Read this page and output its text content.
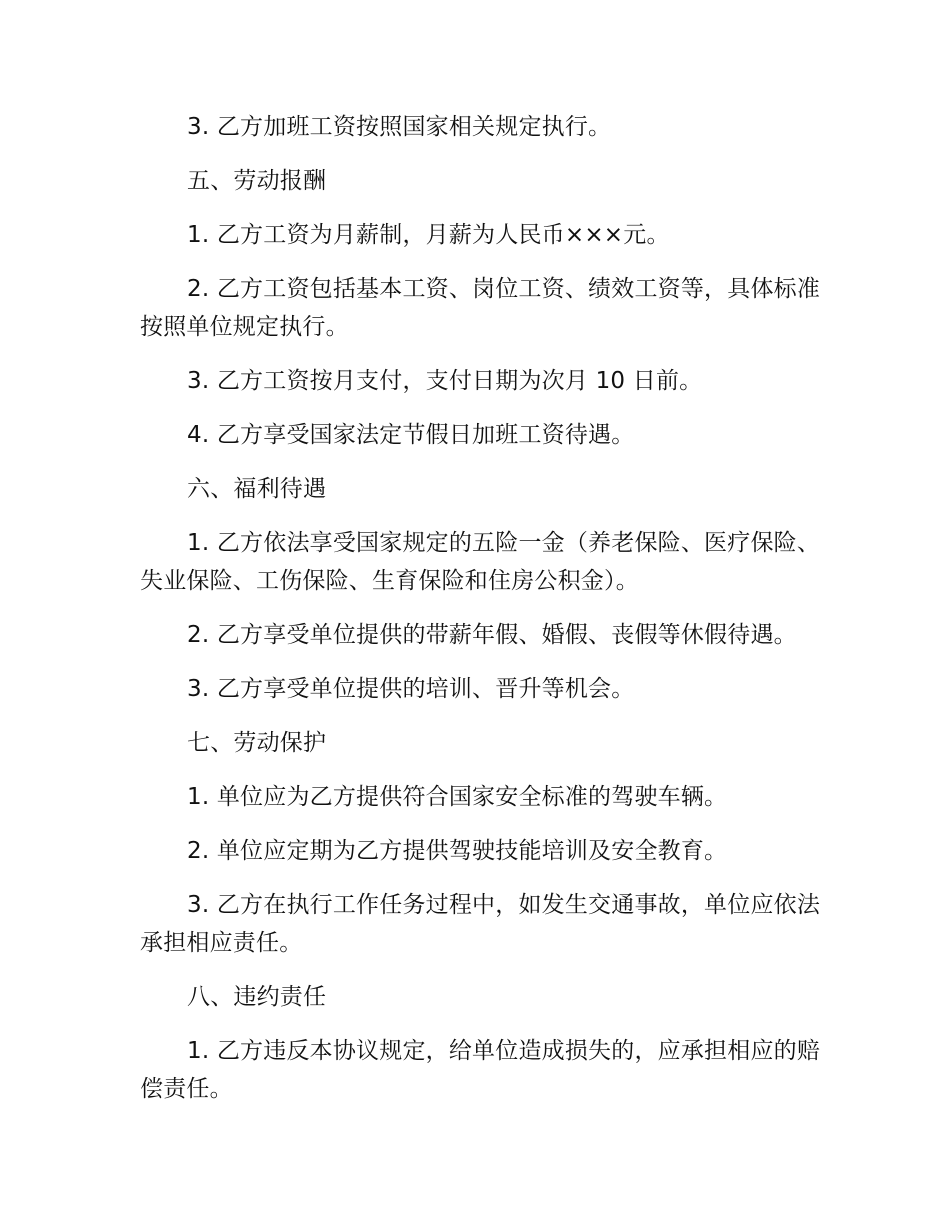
3. 乙方加班工资按照国家相关规定执行。

五、劳动报酬

1. 乙方工资为月薪制，月薪为人民币×××元。

2. 乙方工资包括基本工资、岗位工资、绩效工资等，具体标准按照单位规定执行。

3. 乙方工资按月支付，支付日期为次月 10 日前。

4. 乙方享受国家法定节假日加班工资待遇。

六、福利待遇

1. 乙方依法享受国家规定的五险一金（养老保险、医疗保险、失业保险、工伤保险、生育保险和住房公积金）。

2. 乙方享受单位提供的带薪年假、婚假、丧假等休假待遇。

3. 乙方享受单位提供的培训、晋升等机会。

七、劳动保护

1. 单位应为乙方提供符合国家安全标准的驾驶车辆。

2. 单位应定期为乙方提供驾驶技能培训及安全教育。

3. 乙方在执行工作任务过程中，如发生交通事故，单位应依法承担相应责任。

八、违约责任

1. 乙方违反本协议规定，给单位造成损失的，应承担相应的赔偿责任。
